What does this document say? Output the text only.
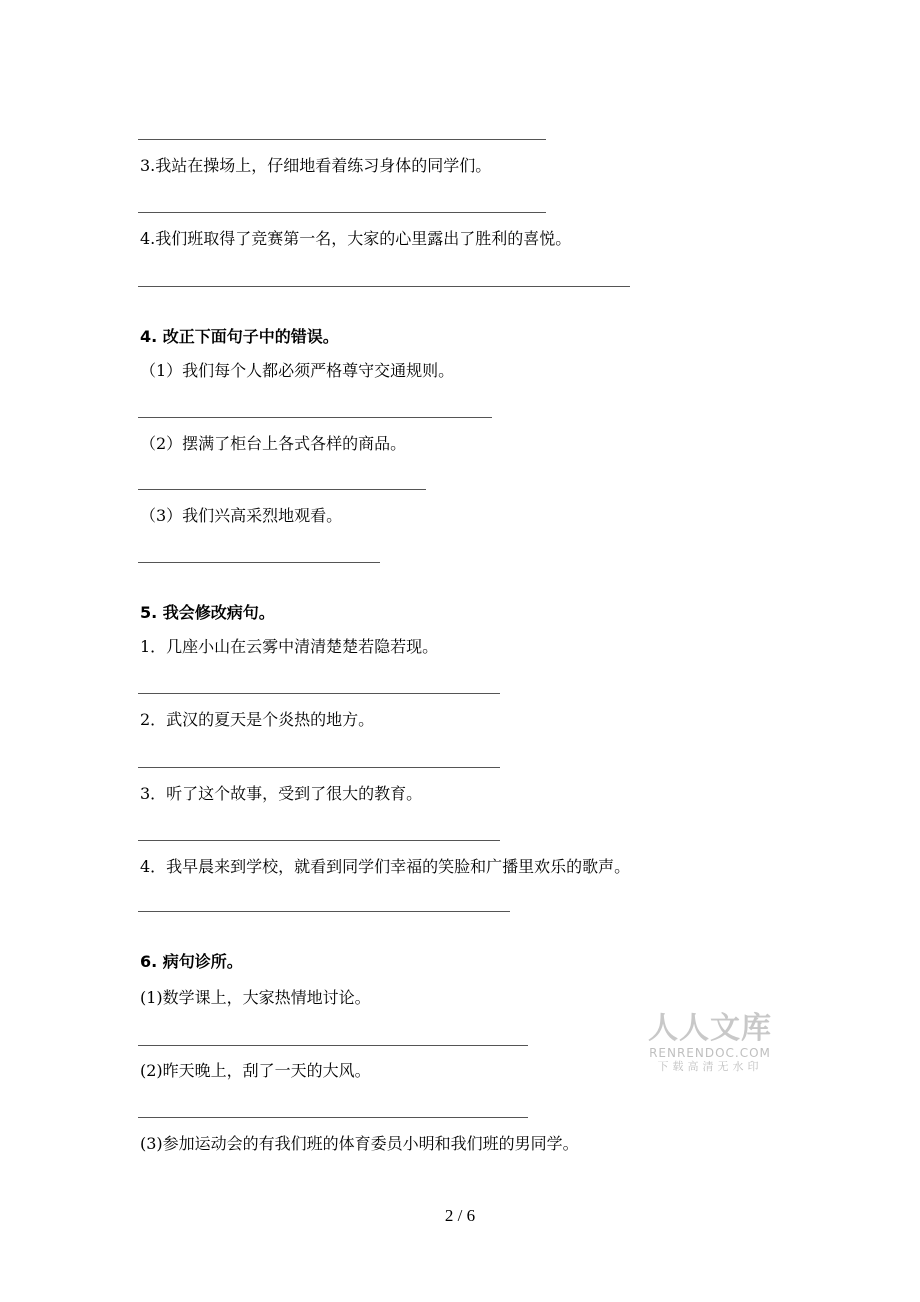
3.我站在操场上，仔细地看着练习身体的同学们。
4.我们班取得了竞赛第一名，大家的心里露出了胜利的喜悦。
4. 改正下面句子中的错误。
（1）我们每个人都必须严格尊守交通规则。
（2）摆满了柜台上各式各样的商品。
（3）我们兴高采烈地观看。
5. 我会修改病句。
1．几座小山在云雾中清清楚楚若隐若现。
2．武汉的夏天是个炎热的地方。
3．听了这个故事，受到了很大的教育。
4．我早晨来到学校，就看到同学们幸福的笑脸和广播里欢乐的歌声。
6. 病句诊所。
(1)数学课上，大家热情地讨论。
(2)昨天晚上，刮了一天的大风。
(3)参加运动会的有我们班的体育委员小明和我们班的男同学。
人人文库
RENRENDOC.COM
下载高清无水印
2 / 6
